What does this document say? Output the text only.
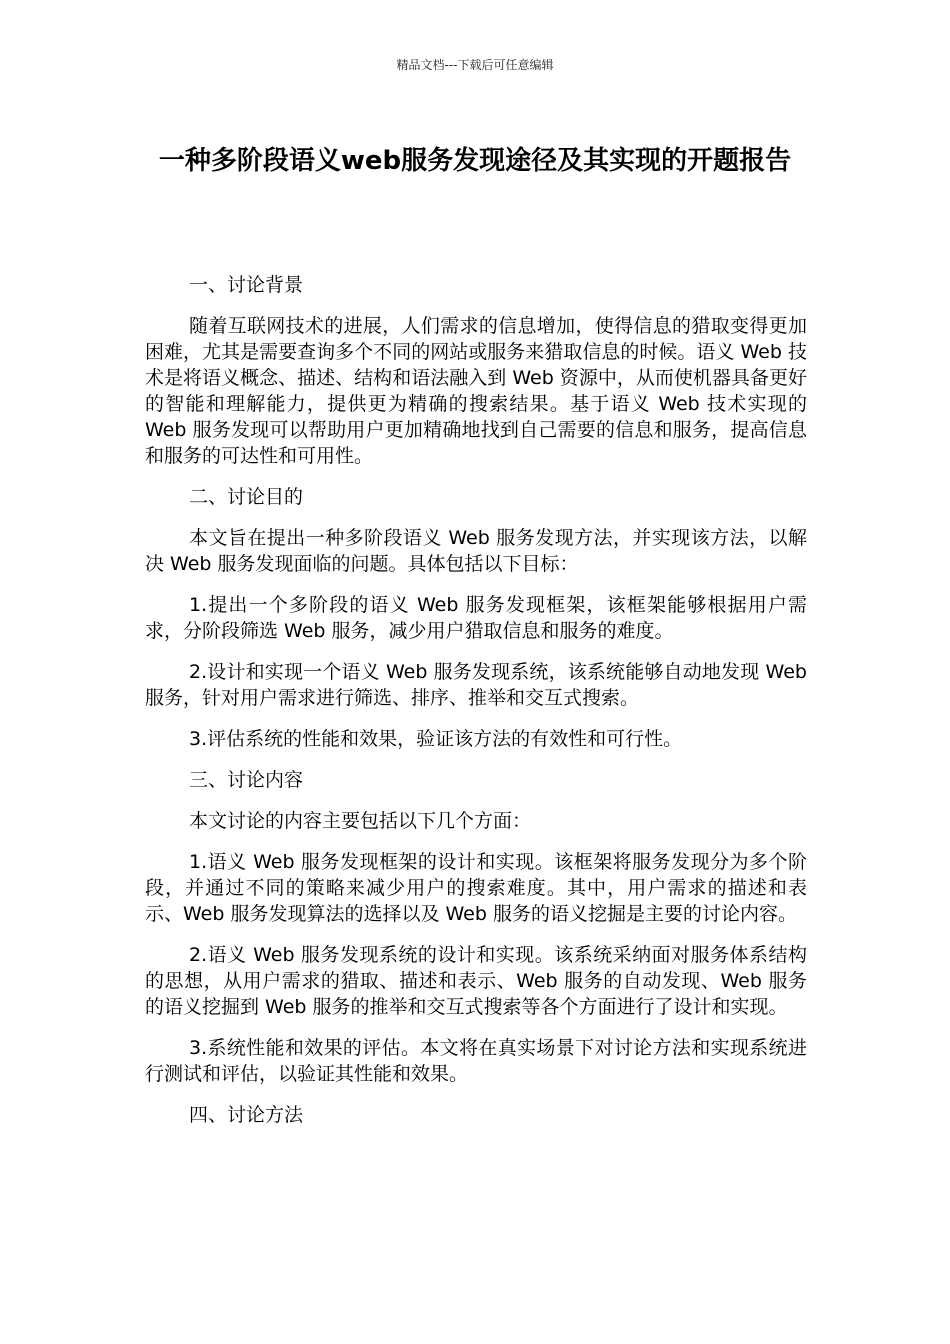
精品文档---下载后可任意编辑
一种多阶段语义web服务发现途径及其实现的开题报告
一、讨论背景

随着互联网技术的进展，人们需求的信息增加，使得信息的猎取变得更加困难，尤其是需要查询多个不同的网站或服务来猎取信息的时候。语义 Web 技术是将语义概念、描述、结构和语法融入到 Web 资源中，从而使机器具备更好的智能和理解能力，提供更为精确的搜索结果。基于语义 Web 技术实现的 Web 服务发现可以帮助用户更加精确地找到自己需要的信息和服务，提高信息和服务的可达性和可用性。

二、讨论目的

本文旨在提出一种多阶段语义 Web 服务发现方法，并实现该方法，以解决 Web 服务发现面临的问题。具体包括以下目标：

1.提出一个多阶段的语义 Web 服务发现框架，该框架能够根据用户需求，分阶段筛选 Web 服务，减少用户猎取信息和服务的难度。

2.设计和实现一个语义 Web 服务发现系统，该系统能够自动地发现 Web 服务，针对用户需求进行筛选、排序、推举和交互式搜索。

3.评估系统的性能和效果，验证该方法的有效性和可行性。

三、讨论内容

本文讨论的内容主要包括以下几个方面：

1.语义 Web 服务发现框架的设计和实现。该框架将服务发现分为多个阶段，并通过不同的策略来减少用户的搜索难度。其中，用户需求的描述和表示、Web 服务发现算法的选择以及 Web 服务的语义挖掘是主要的讨论内容。

2.语义 Web 服务发现系统的设计和实现。该系统采纳面对服务体系结构的思想，从用户需求的猎取、描述和表示、Web 服务的自动发现、Web 服务的语义挖掘到 Web 服务的推举和交互式搜索等各个方面进行了设计和实现。

3.系统性能和效果的评估。本文将在真实场景下对讨论方法和实现系统进行测试和评估，以验证其性能和效果。

四、讨论方法
